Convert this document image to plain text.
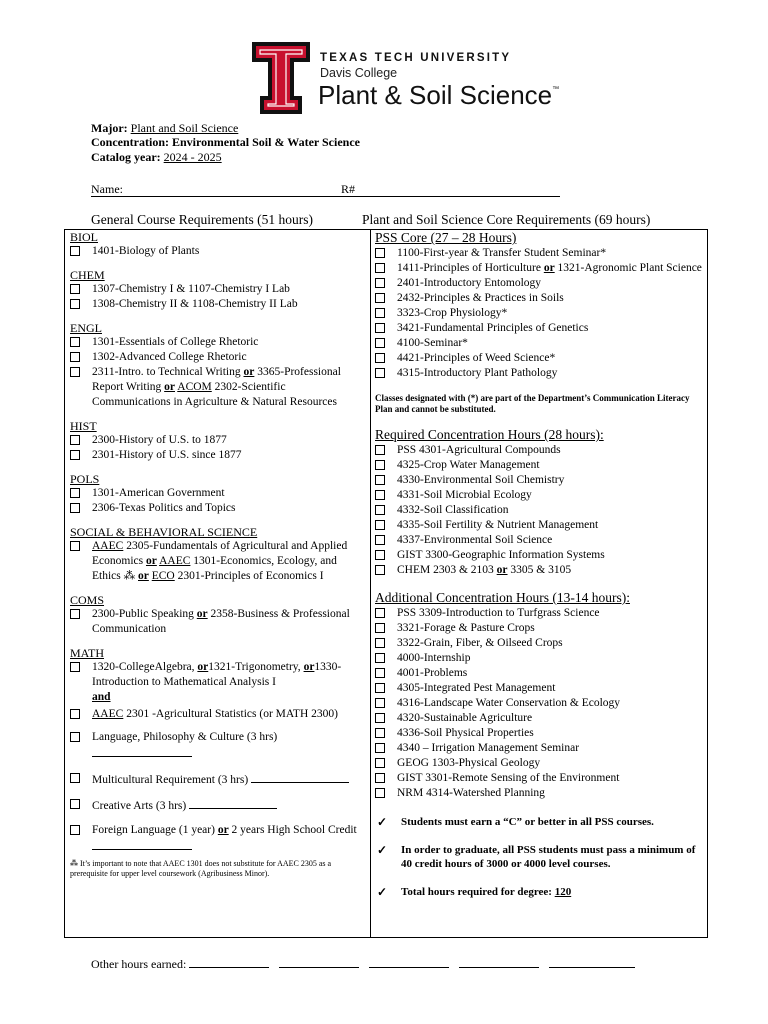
TEXAS TECH UNIVERSITY
Davis College
Plant & Soil Science™
Major: Plant and Soil Science
Concentration: Environmental Soil & Water Science
Catalog year: 2024 - 2025
Name:	R#
General Course Requirements (51 hours)	Plant and Soil Science Core Requirements (69 hours)
BIOL
1401-Biology of Plants
CHEM
1307-Chemistry I & 1107-Chemistry I Lab
1308-Chemistry II & 1108-Chemistry II Lab
ENGL
1301-Essentials of College Rhetoric
1302-Advanced College Rhetoric
2311-Intro. to Technical Writing or 3365-Professional Report Writing or ACOM 2302-Scientific Communications in Agriculture & Natural Resources
HIST
2300-History of U.S. to 1877
2301-History of U.S. since 1877
POLS
1301-American Government
2306-Texas Politics and Topics
SOCIAL & BEHAVIORAL SCIENCE
AAEC 2305-Fundamentals of Agricultural and Applied Economics or AAEC 1301-Economics, Ecology, and Ethics ⁂ or ECO 2301-Principles of Economics I
COMS
2300-Public Speaking or 2358-Business & Professional Communication
MATH
1320-CollegeAlgebra, or1321-Trigonometry, or1330-Introduction to Mathematical Analysis I
and
AAEC 2301 -Agricultural Statistics (or MATH 2300)
Language, Philosophy & Culture (3 hrs)

Multicultural Requirement (3 hrs)
Creative Arts (3 hrs)
Foreign Language (1 year) or 2 years High School Credit
⁂ It’s important to note that AAEC 1301 does not substitute for AAEC 2305 as a prerequisite for upper level coursework (Agribusiness Minor).
PSS Core (27 – 28 Hours)
1100-First-year & Transfer Student Seminar*
1411-Principles of Horticulture or 1321-Agronomic Plant Science
2401-Introductory Entomology
2432-Principles & Practices in Soils
3323-Crop Physiology*
3421-Fundamental Principles of Genetics
4100-Seminar*
4421-Principles of Weed Science*
4315-Introductory Plant Pathology
Classes designated with (*) are part of the Department’s Communication Literacy Plan and cannot be substituted.
Required Concentration Hours (28 hours):
PSS 4301-Agricultural Compounds
4325-Crop Water Management
4330-Environmental Soil Chemistry
4331-Soil Microbial Ecology
4332-Soil Classification
4335-Soil Fertility & Nutrient Management
4337-Environmental Soil Science
GIST 3300-Geographic Information Systems
CHEM 2303 & 2103 or 3305 & 3105
Additional Concentration Hours (13-14 hours):
PSS 3309-Introduction to Turfgrass Science
3321-Forage & Pasture Crops
3322-Grain, Fiber, & Oilseed Crops
4000-Internship
4001-Problems
4305-Integrated Pest Management
4316-Landscape Water Conservation & Ecology
4320-Sustainable Agriculture
4336-Soil Physical Properties
4340 – Irrigation Management Seminar
GEOG 1303-Physical Geology
GIST 3301-Remote Sensing of the Environment
NRM 4314-Watershed Planning
✓ Students must earn a “C” or better in all PSS courses.
✓ In order to graduate, all PSS students must pass a minimum of 40 credit hours of 3000 or 4000 level courses.
✓ Total hours required for degree: 120
Other hours earned:
